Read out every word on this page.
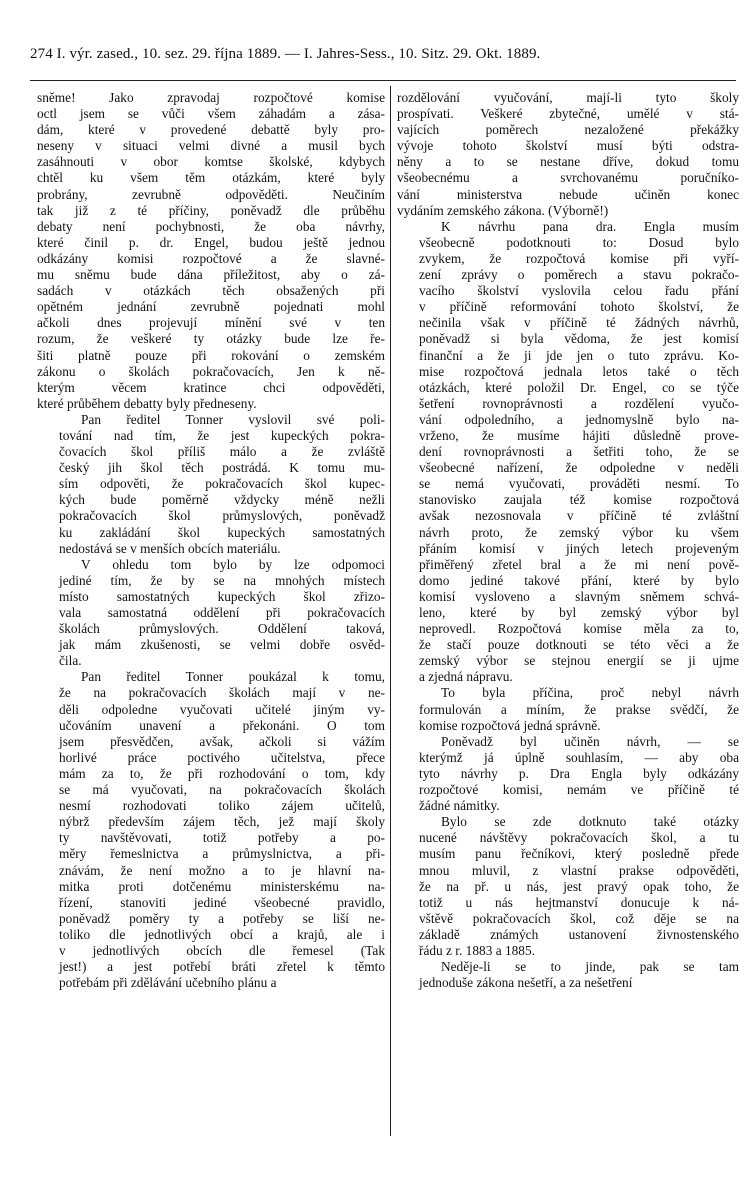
274 I. výr. zased., 10. sez. 29. října 1889. — I. Jahres-Sess., 10. Sitz. 29. Okt. 1889.

sněme! Jako zpravodaj rozpočtové komise
octl jsem se vůči všem záhadám a zása-
dám, které v provedené debattě byly pro-
neseny v situaci velmi divné a musil bych
zasáhnouti v obor komtse školské, kdybych
chtěl ku všem těm otázkám, které byly
probrány, zevrubně odpověděti. Neučiním
tak již z té příčiny, poněvadž dle průběhu
debaty není pochybnosti, že oba návrhy,
které činil p. dr. Engel, budou ještě jednou
odkázány komisi rozpočtové a že slavné-
mu sněmu bude dána příležitost, aby o zá-
sadách v otázkách těch obsažených při
opětném jednání zevrubně pojednati mohl
ačkoli dnes projevují mínění své v ten
rozum, že veškeré ty otázky bude lze ře-
šiti platně pouze při rokování o zemském
zákonu o školách pokračovacích, Jen k ně-
kterým věcem kratince chci odpověděti,
které průběhem debatty byly předneseny.

Pan ředitel Tonner vyslovil své poli-
tování nad tím, že jest kupeckých pokra-
čovacích škol příliš málo a že zvláště
český jih škol těch postrádá. K tomu mu-
sím odpověti, že pokračovacích škol kupec-
kých bude poměrně vždycky méně nežli
pokračovacích škol průmyslových, poněvadž
ku zakládání škol kupeckých samostatných
nedostává se v menších obcích materiálu.

V ohledu tom bylo by lze odpomoci
jediné tím, že by se na mnohých místech
místo samostatných kupeckých škol zřizo-
vala samostatná oddělení při pokračovacích
školách průmyslových. Oddělení taková,
jak mám zkušenosti, se velmi dobře osvěd-
čila.

Pan ředitel Tonner poukázal k tomu,
že na pokračovacích školách mají v ne-
děli odpoledne vyučovati učitelé jiným vy-
učováním unavení a překonáni. O tom
jsem přesvědčen, avšak, ačkoli si vážím
horlivé práce poctivého učitelstva, přece
mám za to, že při rozhodování o tom, kdy
se má vyučovati, na pokračovacích školách
nesmí rozhodovati toliko zájem učitelů,
nýbrž především zájem těch, jež mají školy
ty navštěvovati, totiž potřeby a po-
měry řemeslnictva a průmyslnictva, a při-
znávám, že není možno a to je hlavní na-
mitka proti dotčenému ministerskému na-
řízení, stanoviti jediné všeobecné pravidlo,
poněvadž poměry ty a potřeby se liší ne-
toliko dle jednotlivých obcí a krajů, ale i
v jednotlivých obcích dle řemesel (Tak
jest!) a jest potřebí bráti zřetel k těmto
potřebám při zdělávání učebního plánu a

rozdělování vyučování, mají-li tyto školy
prospívati. Veškeré zbytečné, umělé v stá-
vajících poměrech nezaložené překážky
vývoje tohoto školství musí býti odstra-
něny a to se nestane dříve, dokud tomu
všeobecnému a svrchovanému poručníko-
vání ministerstva nebude učiněn konec
vydáním zemského zákona. (Výborně!)

K návrhu pana dra. Engla musím
všeobecně podotknouti to: Dosud bylo
zvykem, že rozpočtová komise při vyří-
zení zprávy o poměrech a stavu pokračo-
vacího školství vyslovila celou řadu přání
v příčině reformování tohoto školství, že
nečinila však v příčině té žádných návrhů,
poněvadž si byla vědoma, že jest komisí
finanční a že ji jde jen o tuto zprávu. Ko-
mise rozpočtová jednala letos také o těch
otázkách, které položil Dr. Engel, co se týče
šetření rovnoprávnosti a rozdělení vyučo-
vání odpoledního, a jednomyslně bylo na-
vrženo, že musíme hájiti důsledně prove-
dení rovnoprávnosti a šetřiti toho, že se
všeobecné nařízení, že odpoledne v neděli
se nemá vyučovati, prováděti nesmí. To
stanovisko zaujala též komise rozpočtová
avšak nezosnovala v příčině té zvláštní
návrh proto, že zemský výbor ku všem
přáním komisí v jiných letech projeveným
přiměřený zřetel bral a že mi není pově-
domo jediné takové přání, které by bylo
komisí vysloveno a slavným sněmem schvá-
leno, které by byl zemský výbor byl
neprovedl. Rozpočtová komise měla za to,
že stačí pouze dotknouti se této věci a že
zemský výbor se stejnou energií se ji ujme
a zjedná nápravu.

To byla příčina, proč nebyl návrh
formulován a míním, že prakse svědčí, že
komise rozpočtová jedná správně.

Poněvadž byl učiněn návrh, — se
kterýmž já úplně souhlasím, — aby oba
tyto návrhy p. Dra Engla byly odkázány
rozpočtové komisi, nemám ve příčině té
žádné námitky.

Bylo se zde dotknuto také otázky
nucené návštěvy pokračovacích škol, a tu
musím panu řečníkovi, který posledně přede
mnou mluvil, z vlastní prakse odpověděti,
že na př. u nás, jest pravý opak toho, že
totiž u nás hejtmanství donucuje k ná-
vštěvě pokračovacích škol, což děje se na
základě známých ustanovení živnostenského
řádu z r. 1883 a 1885.

Neděje-li se to jinde, pak se tam
jednoduše zákona nešetří, a za nešetření
